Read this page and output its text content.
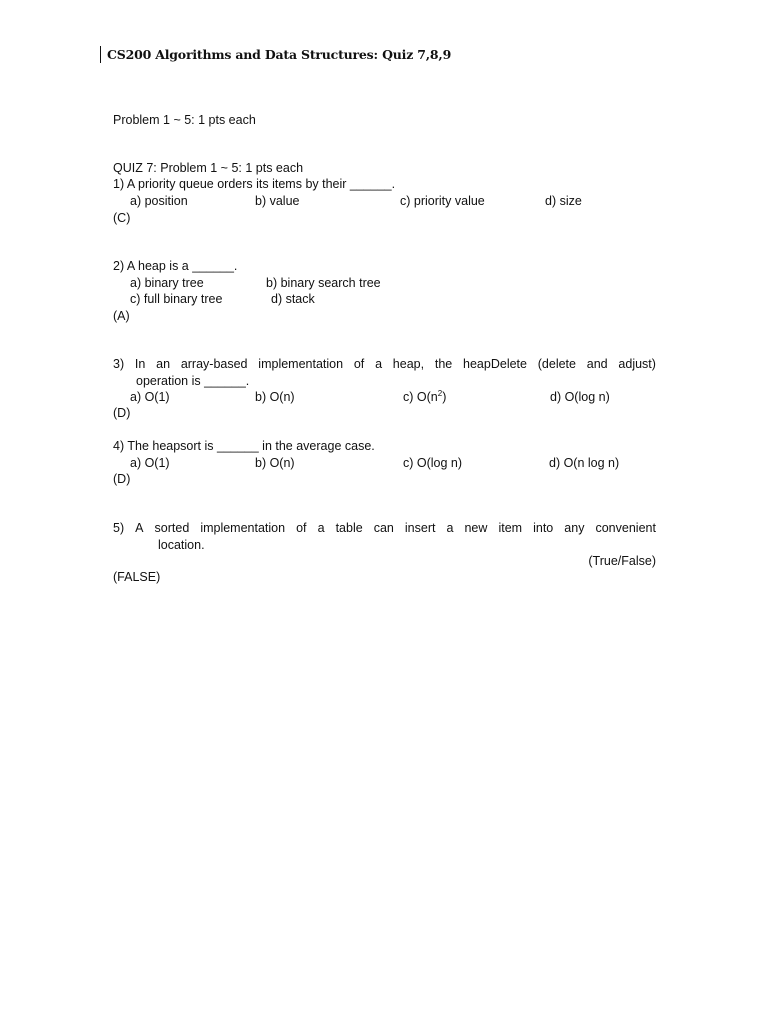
CS200 Algorithms and Data Structures: Quiz 7,8,9
Problem 1 ~ 5: 1 pts each
QUIZ 7: Problem 1 ~ 5: 1 pts each
1) A priority queue orders its items by their ______.
a) position	b) value	c) priority value	d) size
(C)
2) A heap is a ______.
a) binary tree	b) binary search tree
c) full binary tree	d) stack
(A)
3) In an array-based implementation of a heap, the heapDelete (delete and adjust)
operation is ______.
a) O(1)	b) O(n)	c) $O(n^2)$	d) O(log n)
(D)
4) The heapsort is ______ in the average case.
a) O(1)	b) O(n)	c) O(log n)	d) O(n log n)
(D)
5) A sorted implementation of a table can insert a new item into any convenient
location.
(True/False)
(FALSE)
